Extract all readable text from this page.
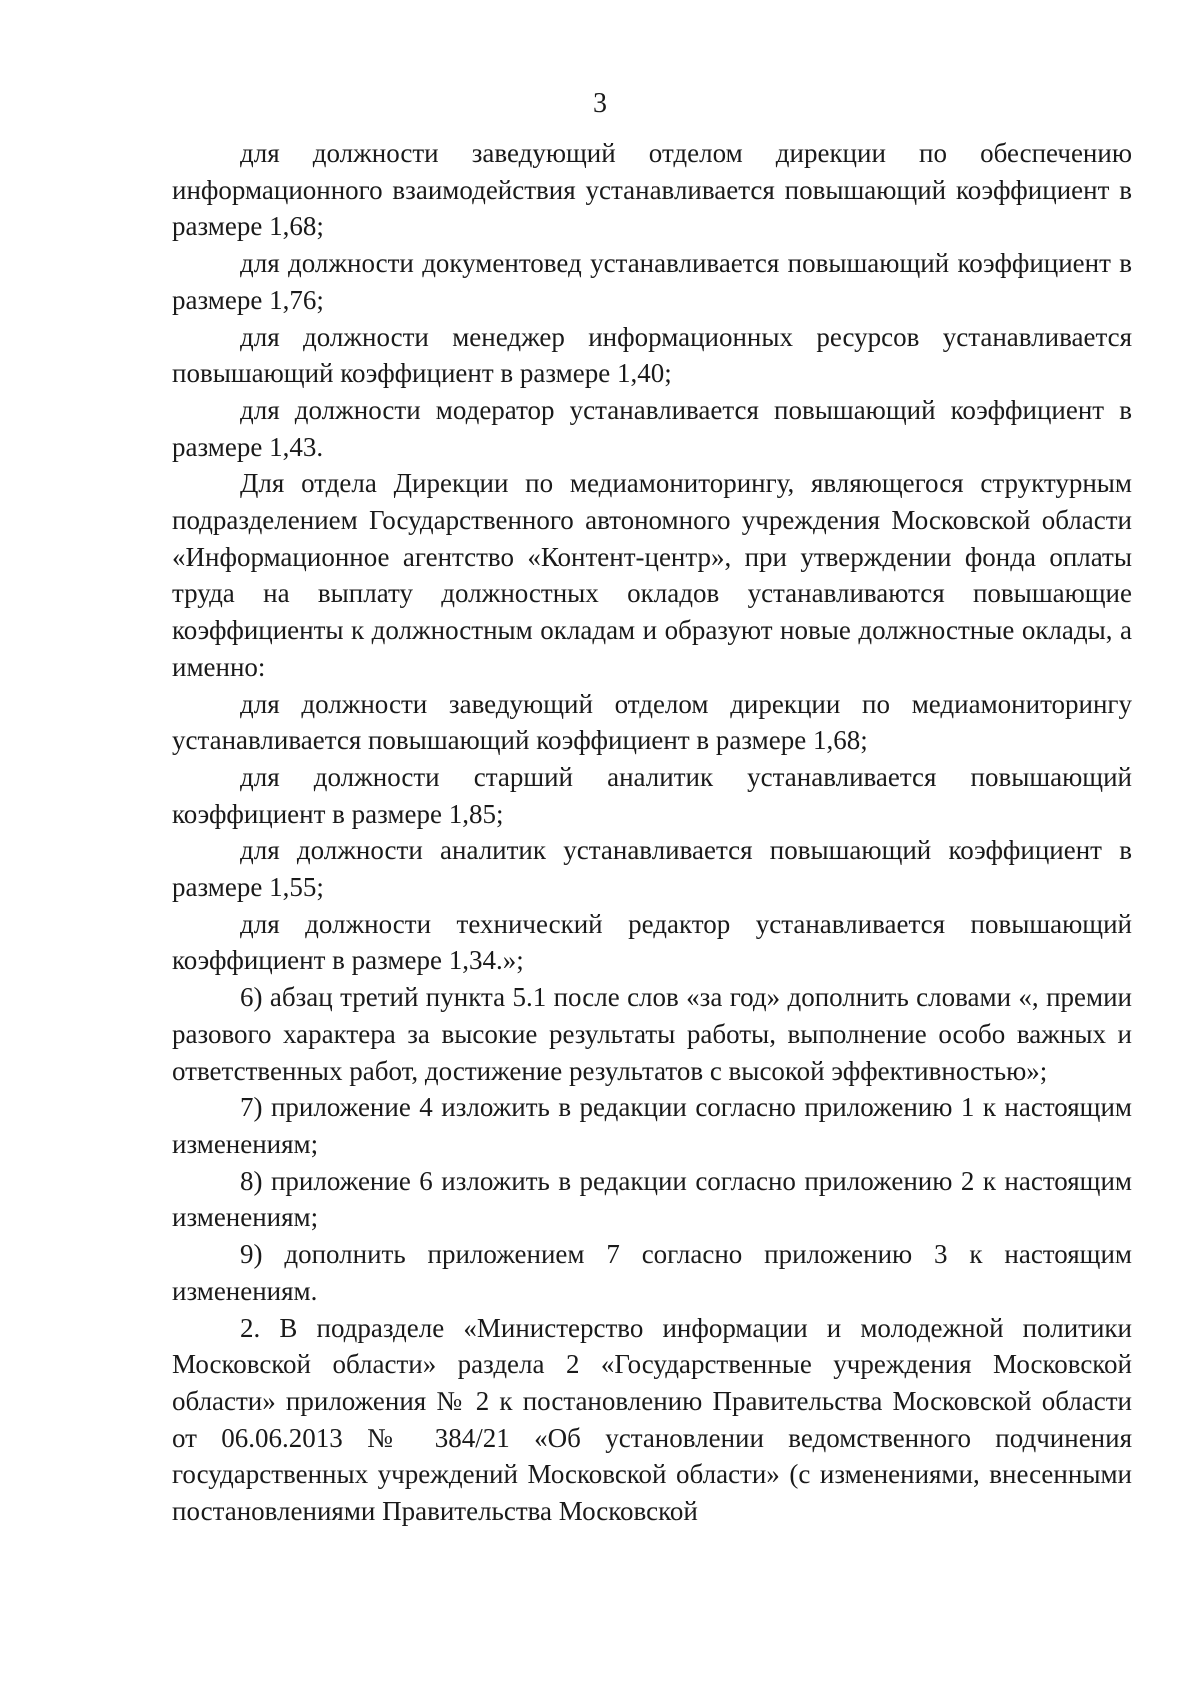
3

для должности заведующий отделом дирекции по обеспечению информационного взаимодействия устанавливается повышающий коэффициент в размере 1,68;

для должности документовед устанавливается повышающий коэффициент в размере 1,76;

для должности менеджер информационных ресурсов устанавливается повышающий коэффициент в размере 1,40;

для должности модератор устанавливается повышающий коэффициент в размере 1,43.

Для отдела Дирекции по медиамониторингу, являющегося структурным подразделением Государственного автономного учреждения Московской области «Информационное агентство «Контент-центр», при утверждении фонда оплаты труда на выплату должностных окладов устанавливаются повышающие коэффициенты к должностным окладам и образуют новые должностные оклады, а именно:

для должности заведующий отделом дирекции по медиамониторингу устанавливается повышающий коэффициент в размере 1,68;

для должности старший аналитик устанавливается повышающий коэффициент в размере 1,85;

для должности аналитик устанавливается повышающий коэффициент в размере 1,55;

для должности технический редактор устанавливается повышающий коэффициент в размере 1,34.»;

6) абзац третий пункта 5.1 после слов «за год» дополнить словами «, премии разового характера за высокие результаты работы, выполнение особо важных и ответственных работ, достижение результатов с высокой эффективностью»;

7) приложение 4 изложить в редакции согласно приложению 1 к настоящим изменениям;

8) приложение 6 изложить в редакции согласно приложению 2 к настоящим изменениям;

9) дополнить приложением 7 согласно приложению 3 к настоящим изменениям.

2. В подразделе «Министерство информации и молодежной политики Московской области» раздела 2 «Государственные учреждения Московской области» приложения № 2 к постановлению Правительства Московской области от 06.06.2013 № 384/21 «Об установлении ведомственного подчинения государственных учреждений Московской области» (с изменениями, внесенными постановлениями Правительства Московской
